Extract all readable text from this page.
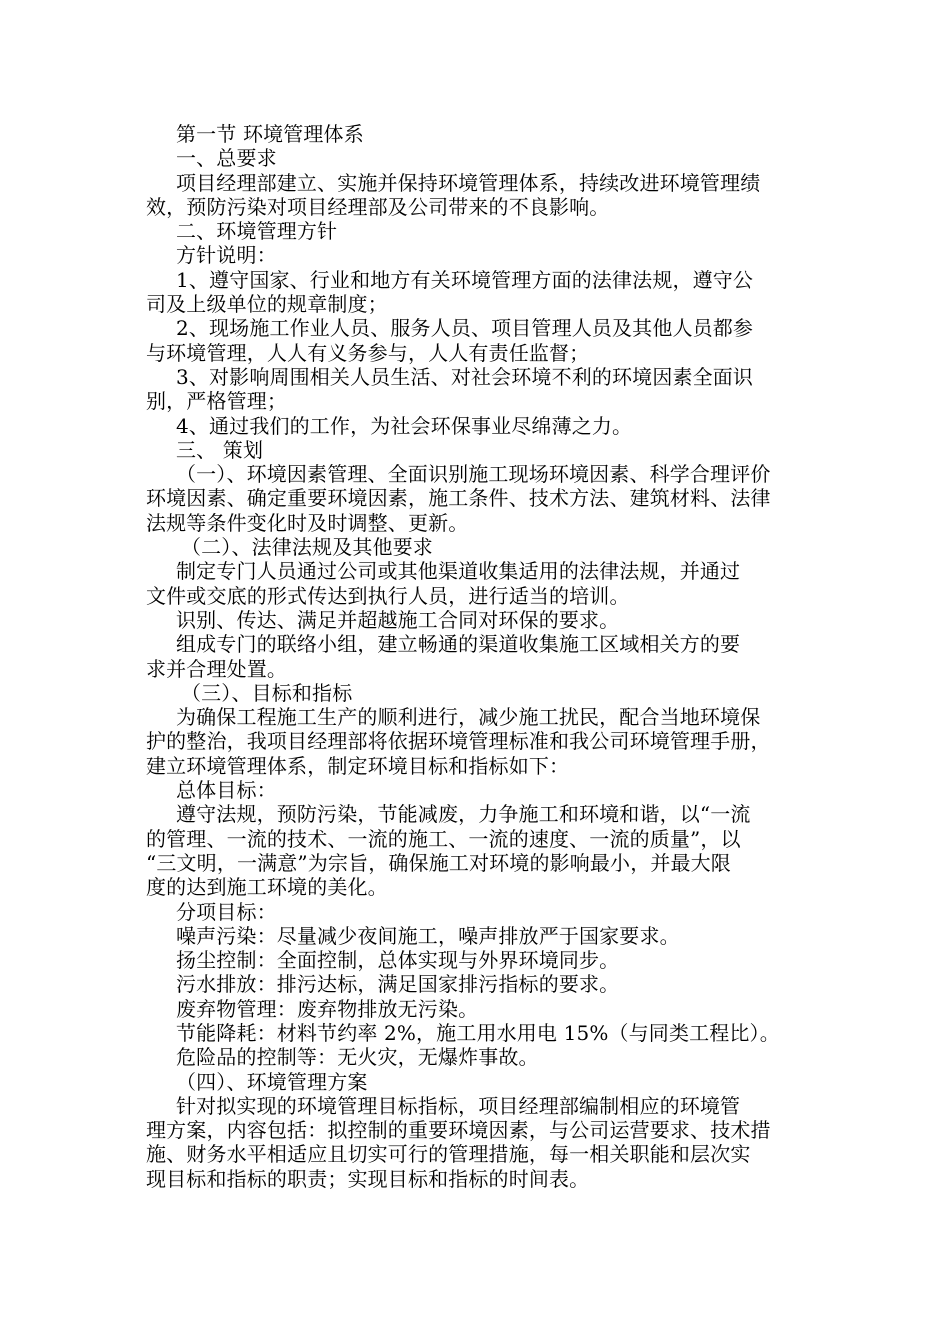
第一节 环境管理体系
一、总要求
项目经理部建立、实施并保持环境管理体系，持续改进环境管理绩
效，预防污染对项目经理部及公司带来的不良影响。
二、环境管理方针
方针说明：
1、遵守国家、行业和地方有关环境管理方面的法律法规，遵守公
司及上级单位的规章制度；
2、现场施工作业人员、服务人员、项目管理人员及其他人员都参
与环境管理，人人有义务参与，人人有责任监督；
3、对影响周围相关人员生活、对社会环境不利的环境因素全面识
别，严格管理；
4、通过我们的工作，为社会环保事业尽绵薄之力。
三、 策划
（一）、环境因素管理、全面识别施工现场环境因素、科学合理评价
环境因素、确定重要环境因素，施工条件、技术方法、建筑材料、法律
法规等条件变化时及时调整、更新。
（二）、法律法规及其他要求
制定专门人员通过公司或其他渠道收集适用的法律法规，并通过
文件或交底的形式传达到执行人员，进行适当的培训。
识别、传达、满足并超越施工合同对环保的要求。
组成专门的联络小组，建立畅通的渠道收集施工区域相关方的要
求并合理处置。
（三）、目标和指标
为确保工程施工生产的顺利进行，减少施工扰民，配合当地环境保
护的整治，我项目经理部将依据环境管理标准和我公司环境管理手册，
建立环境管理体系，制定环境目标和指标如下：
总体目标：
遵守法规，预防污染，节能减废，力争施工和环境和谐，以“一流
的管理、一流的技术、一流的施工、一流的速度、一流的质量”，以
“三文明，一满意”为宗旨，确保施工对环境的影响最小，并最大限
度的达到施工环境的美化。
分项目标：
噪声污染：尽量减少夜间施工，噪声排放严于国家要求。
扬尘控制：全面控制，总体实现与外界环境同步。
污水排放：排污达标，满足国家排污指标的要求。
废弃物管理：废弃物排放无污染。
节能降耗：材料节约率 2%，施工用水用电 15%（与同类工程比）。
危险品的控制等：无火灾，无爆炸事故。
（四）、环境管理方案
针对拟实现的环境管理目标指标，项目经理部编制相应的环境管
理方案，内容包括：拟控制的重要环境因素，与公司运营要求、技术措
施、财务水平相适应且切实可行的管理措施，每一相关职能和层次实
现目标和指标的职责；实现目标和指标的时间表。
